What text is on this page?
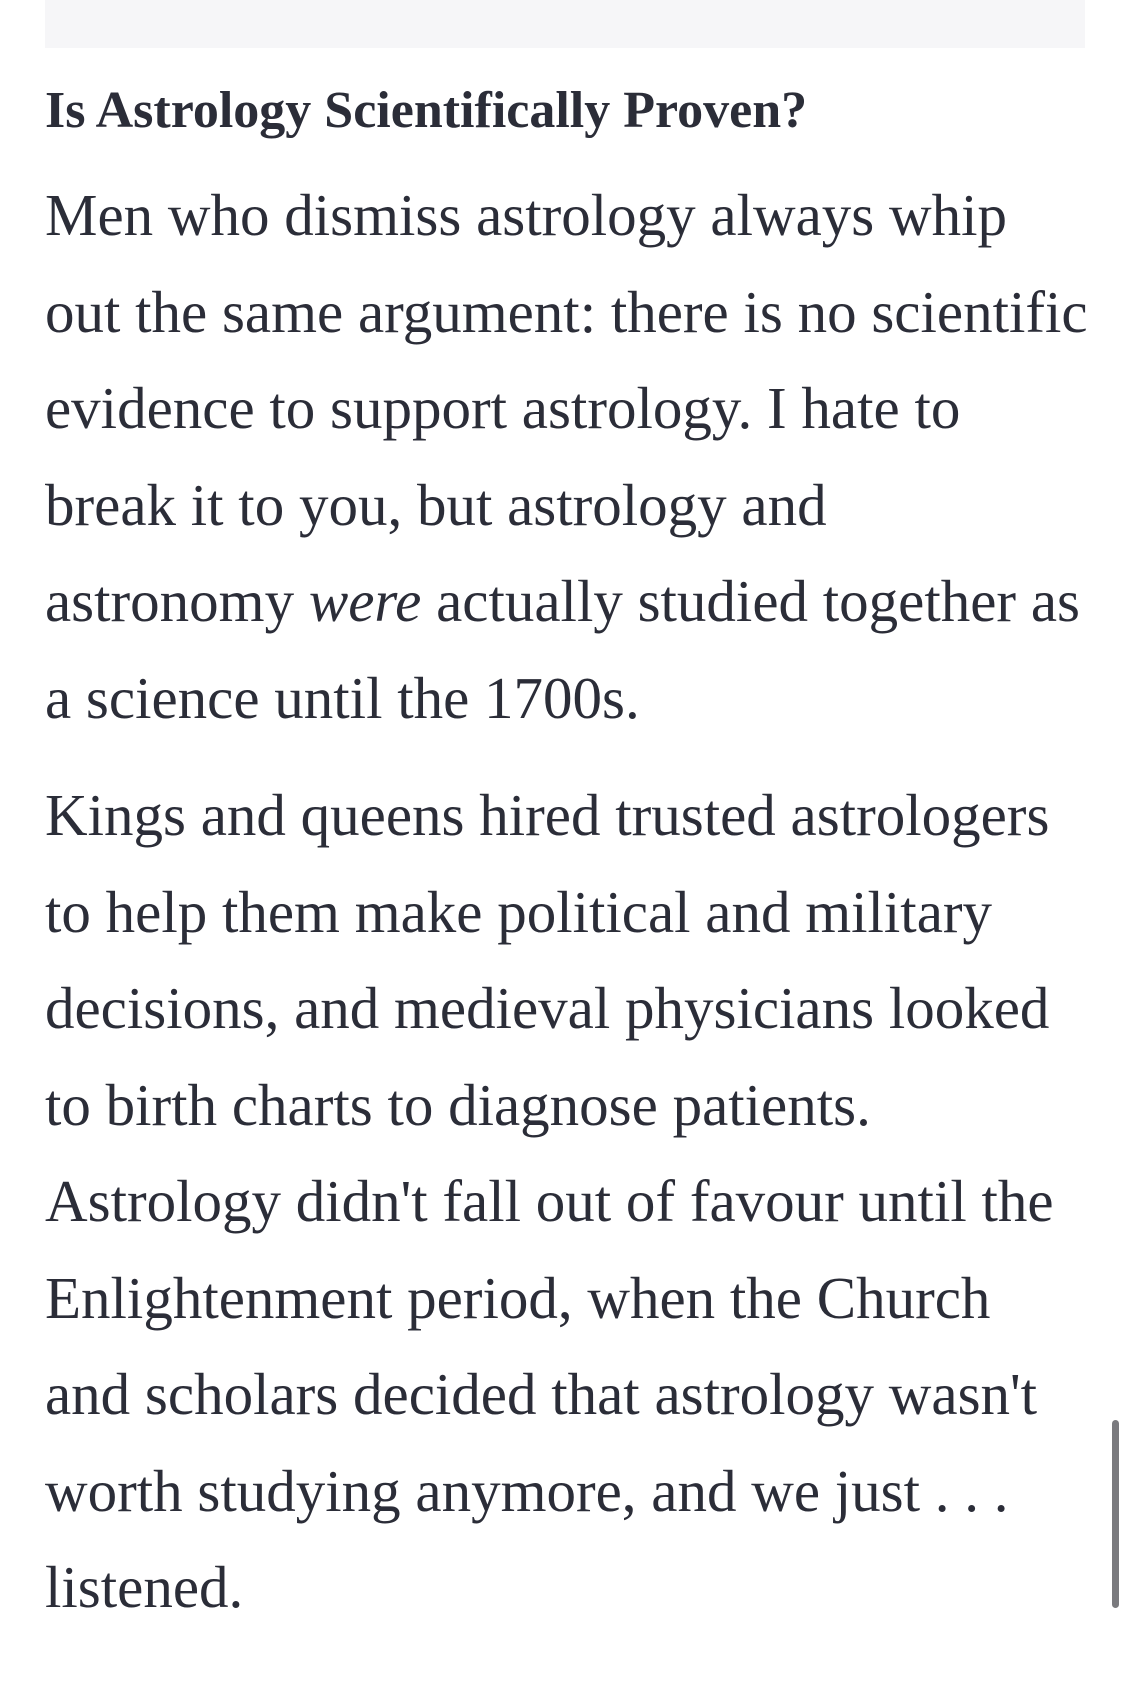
Is Astrology Scientifically Proven?

Men who dismiss astrology always whip out the same argument: there is no scientific evidence to support astrology. I hate to break it to you, but astrology and astronomy were actually studied together as a science until the 1700s.

Kings and queens hired trusted astrologers to help them make political and military decisions, and medieval physicians looked to birth charts to diagnose patients. Astrology didn't fall out of favour until the Enlightenment period, when the Church and scholars decided that astrology wasn't worth studying anymore, and we just . . . listened.
